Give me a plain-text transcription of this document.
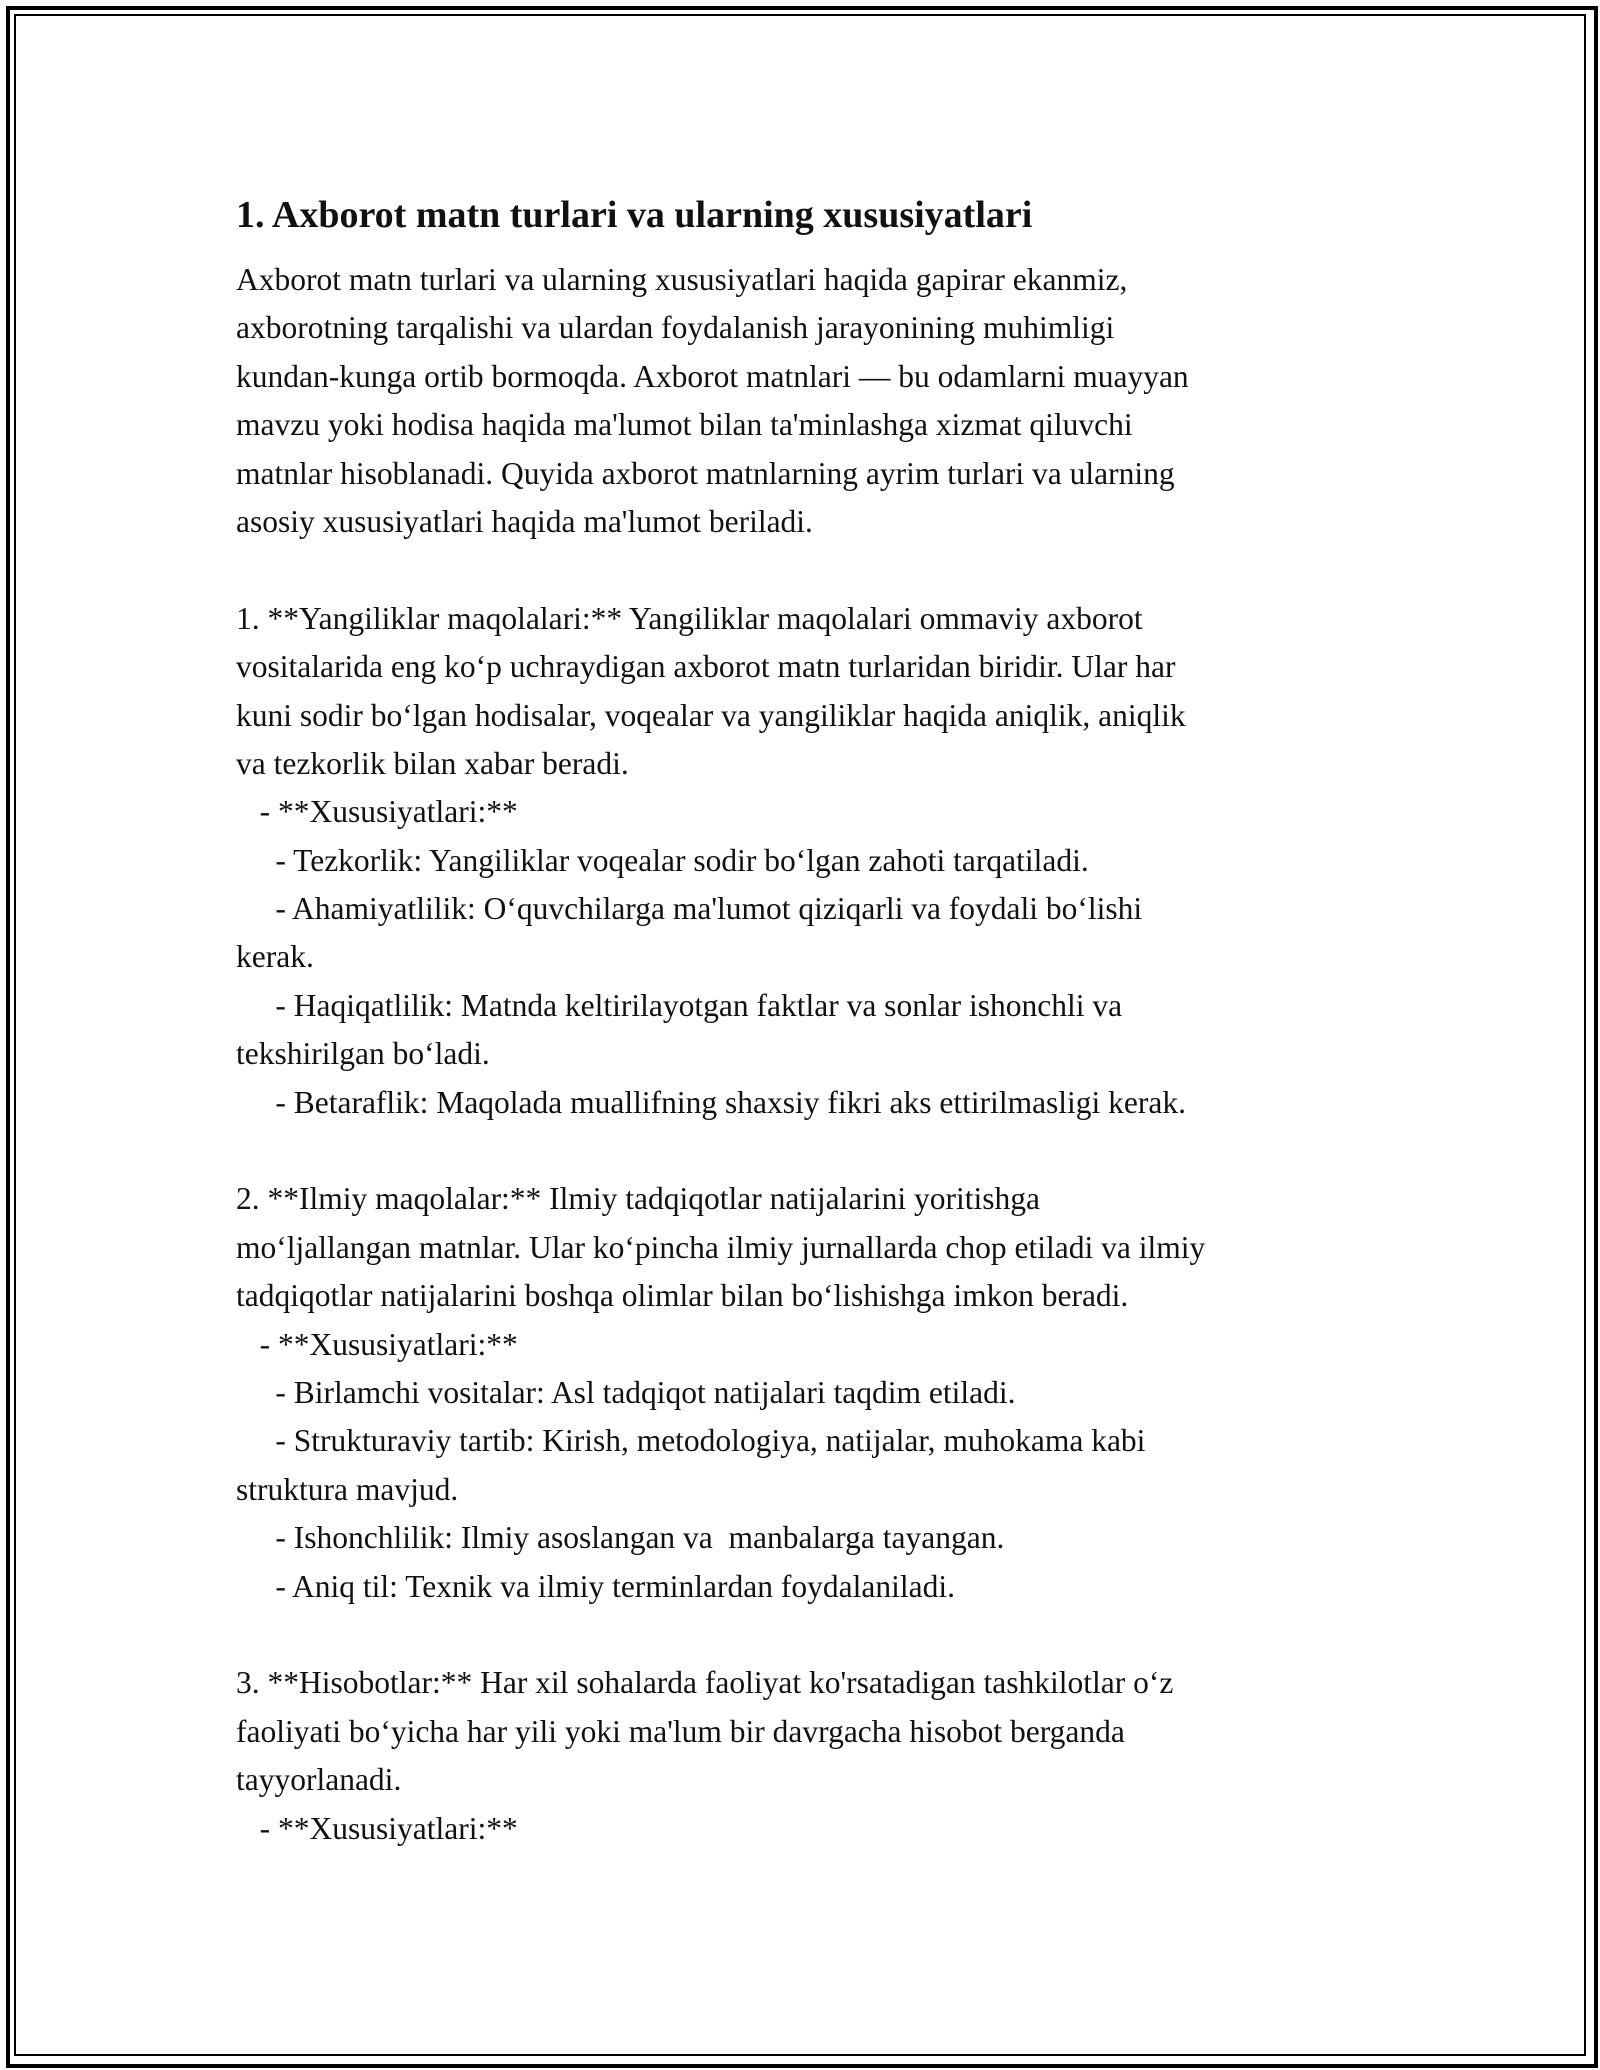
1. Axborot matn turlari va ularning xususiyatlari
Axborot matn turlari va ularning xususiyatlari haqida gapirar ekanmiz,
axborotning tarqalishi va ulardan foydalanish jarayonining muhimligi
kundan-kunga ortib bormoqda. Axborot matnlari — bu odamlarni muayyan
mavzu yoki hodisa haqida ma'lumot bilan ta'minlashga xizmat qiluvchi
matnlar hisoblanadi. Quyida axborot matnlarning ayrim turlari va ularning
asosiy xususiyatlari haqida ma'lumot beriladi.
1. **Yangiliklar maqolalari:** Yangiliklar maqolalari ommaviy axborot
vositalarida eng ko‘p uchraydigan axborot matn turlaridan biridir. Ular har
kuni sodir bo‘lgan hodisalar, voqealar va yangiliklar haqida aniqlik, aniqlik
va tezkorlik bilan xabar beradi.
- **Xususiyatlari:**
- Tezkorlik: Yangiliklar voqealar sodir bo‘lgan zahoti tarqatiladi.
- Ahamiyatlilik: O‘quvchilarga ma'lumot qiziqarli va foydali bo‘lishi
kerak.
- Haqiqatlilik: Matnda keltirilayotgan faktlar va sonlar ishonchli va
tekshirilgan bo‘ladi.
- Betaraflik: Maqolada muallifning shaxsiy fikri aks ettirilmasligi kerak.
2. **Ilmiy maqolalar:** Ilmiy tadqiqotlar natijalarini yoritishga
mo‘ljallangan matnlar. Ular ko‘pincha ilmiy jurnallarda chop etiladi va ilmiy
tadqiqotlar natijalarini boshqa olimlar bilan bo‘lishishga imkon beradi.
- **Xususiyatlari:**
- Birlamchi vositalar: Asl tadqiqot natijalari taqdim etiladi.
- Strukturaviy tartib: Kirish, metodologiya, natijalar, muhokama kabi
struktura mavjud.
- Ishonchlilik: Ilmiy asoslangan va  manbalarga tayangan.
- Aniq til: Texnik va ilmiy terminlardan foydalaniladi.
3. **Hisobotlar:** Har xil sohalarda faoliyat ko'rsatadigan tashkilotlar o‘z
faoliyati bo‘yicha har yili yoki ma'lum bir davrgacha hisobot berganda
tayyorlanadi.
- **Xususiyatlari:**
